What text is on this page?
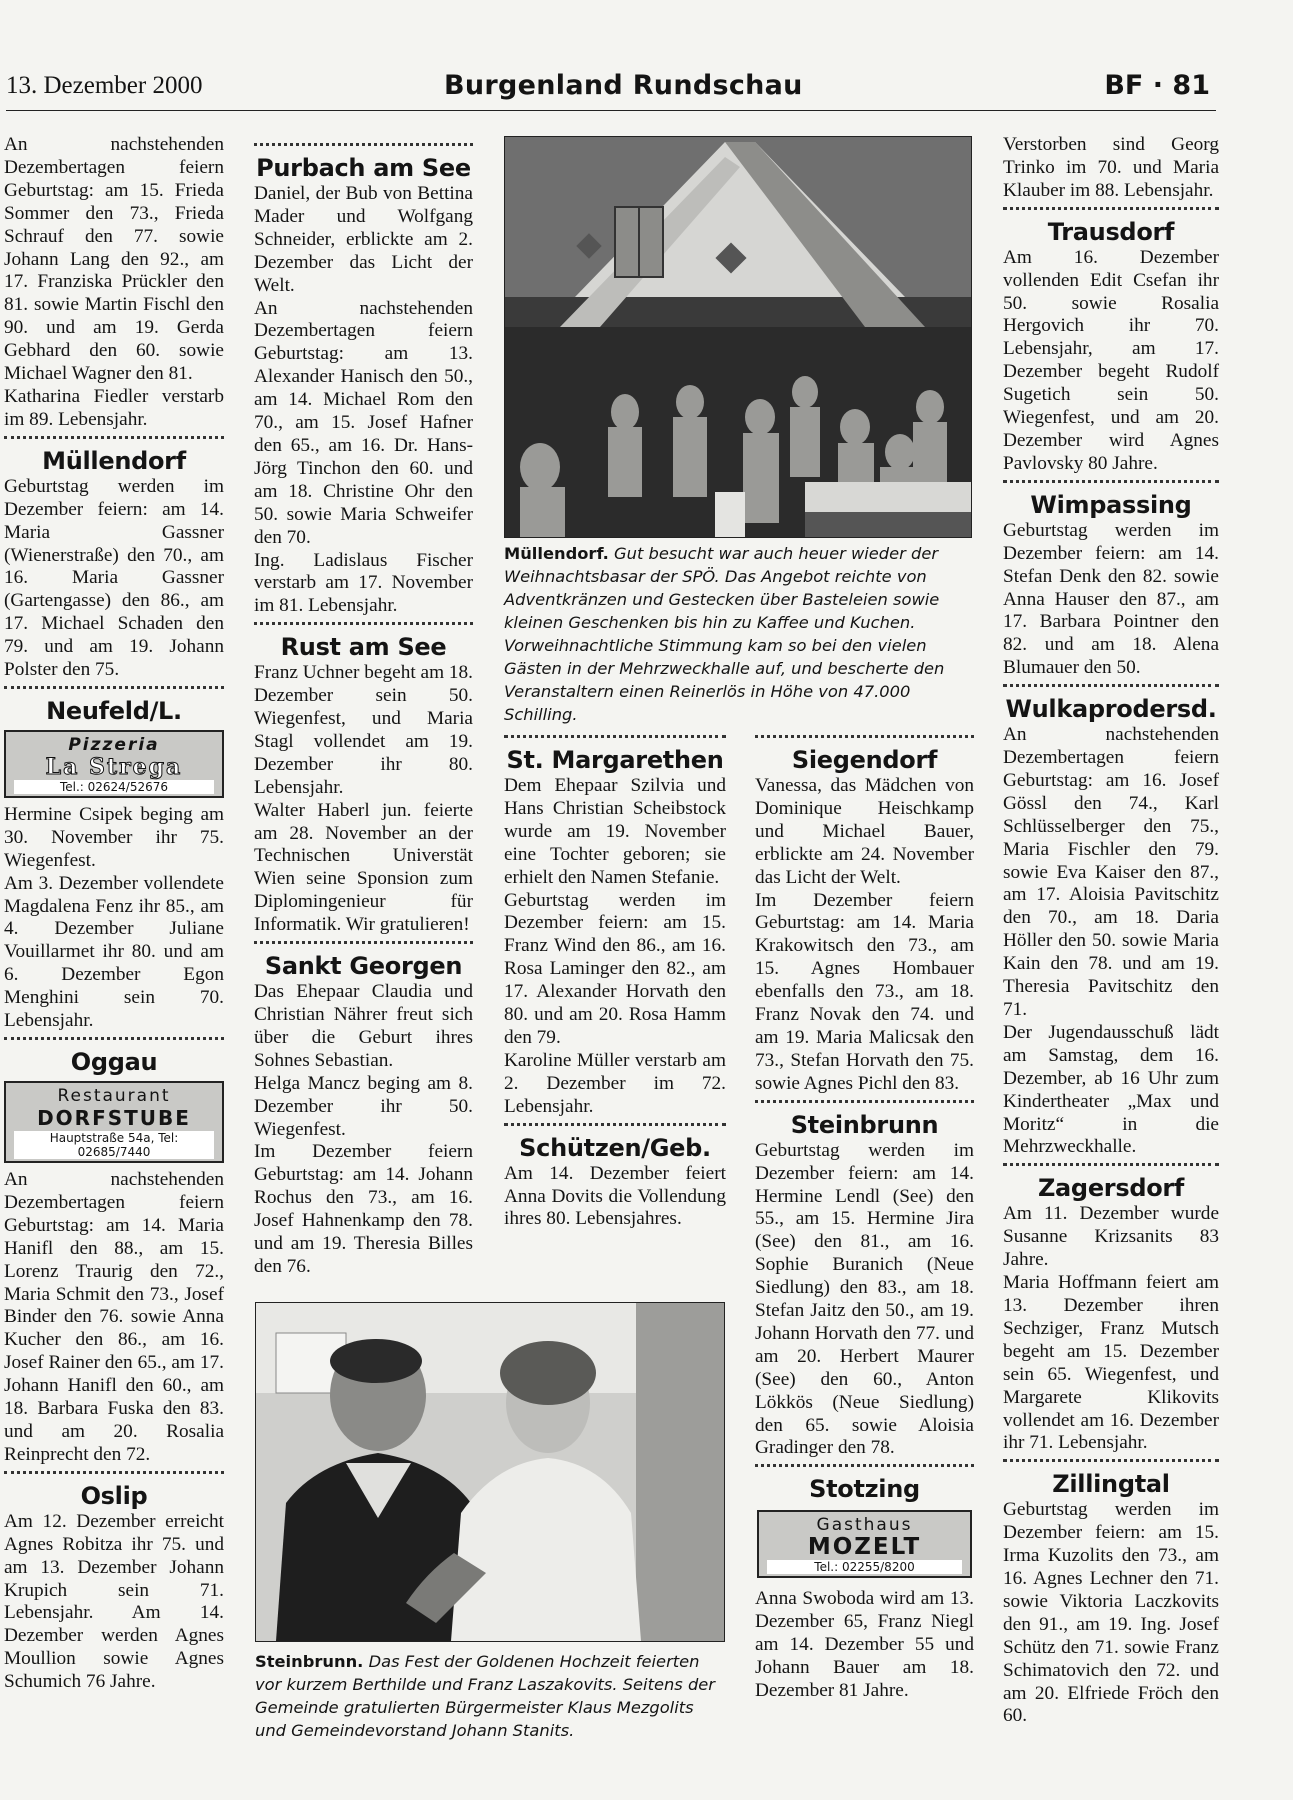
13. Dezember 2000	Burgenland Rundschau	BF · 81

An nachstehenden Dezembertagen feiern Geburtstag: am 15. Frieda Sommer den 73., Frieda Schrauf den 77. sowie Johann Lang den 92., am 17. Franziska Prückler den 81. sowie Martin Fischl den 90. und am 19. Gerda Gebhard den 60. sowie Michael Wagner den 81.

Katharina Fiedler verstarb im 89. Lebensjahr.

Müllendorf

Geburtstag werden im Dezember feiern: am 14. Maria Gassner (Wienerstraße) den 70., am 16. Maria Gassner (Gartengasse) den 86., am 17. Michael Schaden den 79. und am 19. Johann Polster den 75.

Neufeld/L.
Pizzeria
La Strega
Tel.: 02624/52676

Hermine Csipek beging am 30. November ihr 75. Wiegenfest.

Am 3. Dezember vollendete Magdalena Fenz ihr 85., am 4. Dezember Juliane Vouillarmet ihr 80. und am 6. Dezember Egon Menghini sein 70. Lebensjahr.

Oggau
Restaurant
DORFSTUBE
Hauptstraße 54a, Tel: 02685/7440

An nachstehenden Dezembertagen feiern Geburtstag: am 14. Maria Hanifl den 88., am 15. Lorenz Traurig den 72., Maria Schmit den 73., Josef Binder den 76. sowie Anna Kucher den 86., am 16. Josef Rainer den 65., am 17. Johann Hanifl den 60., am 18. Barbara Fuska den 83. und am 20. Rosalia Reinprecht den 72.

Oslip

Am 12. Dezember erreicht Agnes Robitza ihr 75. und am 13. Dezember Johann Krupich sein 71. Lebensjahr. Am 14. Dezember werden Agnes Moullion sowie Agnes Schumich 76 Jahre.

Purbach am See

Daniel, der Bub von Bettina Mader und Wolfgang Schneider, erblickte am 2. Dezember das Licht der Welt.

An nachstehenden Dezembertagen feiern Geburtstag: am 13. Alexander Hanisch den 50., am 14. Michael Rom den 70., am 15. Josef Hafner den 65., am 16. Dr. Hans-Jörg Tinchon den 60. und am 18. Christine Ohr den 50. sowie Maria Schweifer den 70.

Ing. Ladislaus Fischer verstarb am 17. November im 81. Lebensjahr.

Rust am See

Franz Uchner begeht am 18. Dezember sein 50. Wiegenfest, und Maria Stagl vollendet am 19. Dezember ihr 80. Lebensjahr.

Walter Haberl jun. feierte am 28. November an der Technischen Universtät Wien seine Sponsion zum Diplomingenieur für Informatik. Wir gratulieren!

Sankt Georgen

Das Ehepaar Claudia und Christian Nährer freut sich über die Geburt ihres Sohnes Sebastian.

Helga Mancz beging am 8. Dezember ihr 50. Wiegenfest.

Im Dezember feiern Geburtstag: am 14. Johann Rochus den 73., am 16. Josef Hahnenkamp den 78. und am 19. Theresia Billes den 76.

Müllendorf. Gut besucht war auch heuer wieder der Weihnachtsbasar der SPÖ. Das Angebot reichte von Adventkränzen und Gestecken über Basteleien sowie kleinen Geschenken bis hin zu Kaffee und Kuchen. Vorweihnachtliche Stimmung kam so bei den vielen Gästen in der Mehrzweckhalle auf, und bescherte den Veranstaltern einen Reinerlös in Höhe von 47.000 Schilling.
St. Margarethen

Dem Ehepaar Szilvia und Hans Christian Scheibstock wurde am 19. November eine Tochter geboren; sie erhielt den Namen Stefanie.

Geburtstag werden im Dezember feiern: am 15. Franz Wind den 86., am 16. Rosa Laminger den 82., am 17. Alexander Horvath den 80. und am 20. Rosa Hamm den 79.

Karoline Müller verstarb am 2. Dezember im 72. Lebensjahr.

Schützen/Geb.

Am 14. Dezember feiert Anna Dovits die Vollendung ihres 80. Lebensjahres.

Siegendorf

Vanessa, das Mädchen von Dominique Heischkamp und Michael Bauer, erblickte am 24. November das Licht der Welt.

Im Dezember feiern Geburtstag: am 14. Maria Krakowitsch den 73., am 15. Agnes Hombauer ebenfalls den 73., am 18. Franz Novak den 74. und am 19. Maria Malicsak den 73., Stefan Horvath den 75. sowie Agnes Pichl den 83.

Steinbrunn

Geburtstag werden im Dezember feiern: am 14. Hermine Lendl (See) den 55., am 15. Hermine Jira (See) den 81., am 16. Sophie Buranich (Neue Siedlung) den 83., am 18. Stefan Jaitz den 50., am 19. Johann Horvath den 77. und am 20. Herbert Maurer (See) den 60., Anton Lökkös (Neue Siedlung) den 65. sowie Aloisia Gradinger den 78.

Stotzing
Gasthaus
MOZELT
Tel.: 02255/8200

Anna Swoboda wird am 13. Dezember 65, Franz Niegl am 14. Dezember 55 und Johann Bauer am 18. Dezember 81 Jahre.

Steinbrunn. Das Fest der Goldenen Hochzeit feierten vor kurzem Berthilde und Franz Laszakovits. Seitens der Gemeinde gratulierten Bürgermeister Klaus Mezgolits und Gemeindevorstand Johann Stanits.

Verstorben sind Georg Trinko im 70. und Maria Klauber im 88. Lebensjahr.

Trausdorf

Am 16. Dezember vollenden Edit Csefan ihr 50. sowie Rosalia Hergovich ihr 70. Lebensjahr, am 17. Dezember begeht Rudolf Sugetich sein 50. Wiegenfest, und am 20. Dezember wird Agnes Pavlovsky 80 Jahre.

Wimpassing

Geburtstag werden im Dezember feiern: am 14. Stefan Denk den 82. sowie Anna Hauser den 87., am 17. Barbara Pointner den 82. und am 18. Alena Blumauer den 50.

Wulkaprodersd.

An nachstehenden Dezembertagen feiern Geburtstag: am 16. Josef Gössl den 74., Karl Schlüsselberger den 75., Maria Fischler den 79. sowie Eva Kaiser den 87., am 17. Aloisia Pavitschitz den 70., am 18. Daria Höller den 50. sowie Maria Kain den 78. und am 19. Theresia Pavitschitz den 71.

Der Jugendausschuß lädt am Samstag, dem 16. Dezember, ab 16 Uhr zum Kindertheater „Max und Moritz“ in die Mehrzweckhalle.

Zagersdorf

Am 11. Dezember wurde Susanne Krizsanits 83 Jahre.

Maria Hoffmann feiert am 13. Dezember ihren Sechziger, Franz Mutsch begeht am 15. Dezember sein 65. Wiegenfest, und Margarete Klikovits vollendet am 16. Dezember ihr 71. Lebensjahr.

Zillingtal

Geburtstag werden im Dezember feiern: am 15. Irma Kuzolits den 73., am 16. Agnes Lechner den 71. sowie Viktoria Laczkovits den 91., am 19. Ing. Josef Schütz den 71. sowie Franz Schimatovich den 72. und am 20. Elfriede Fröch den 60.
